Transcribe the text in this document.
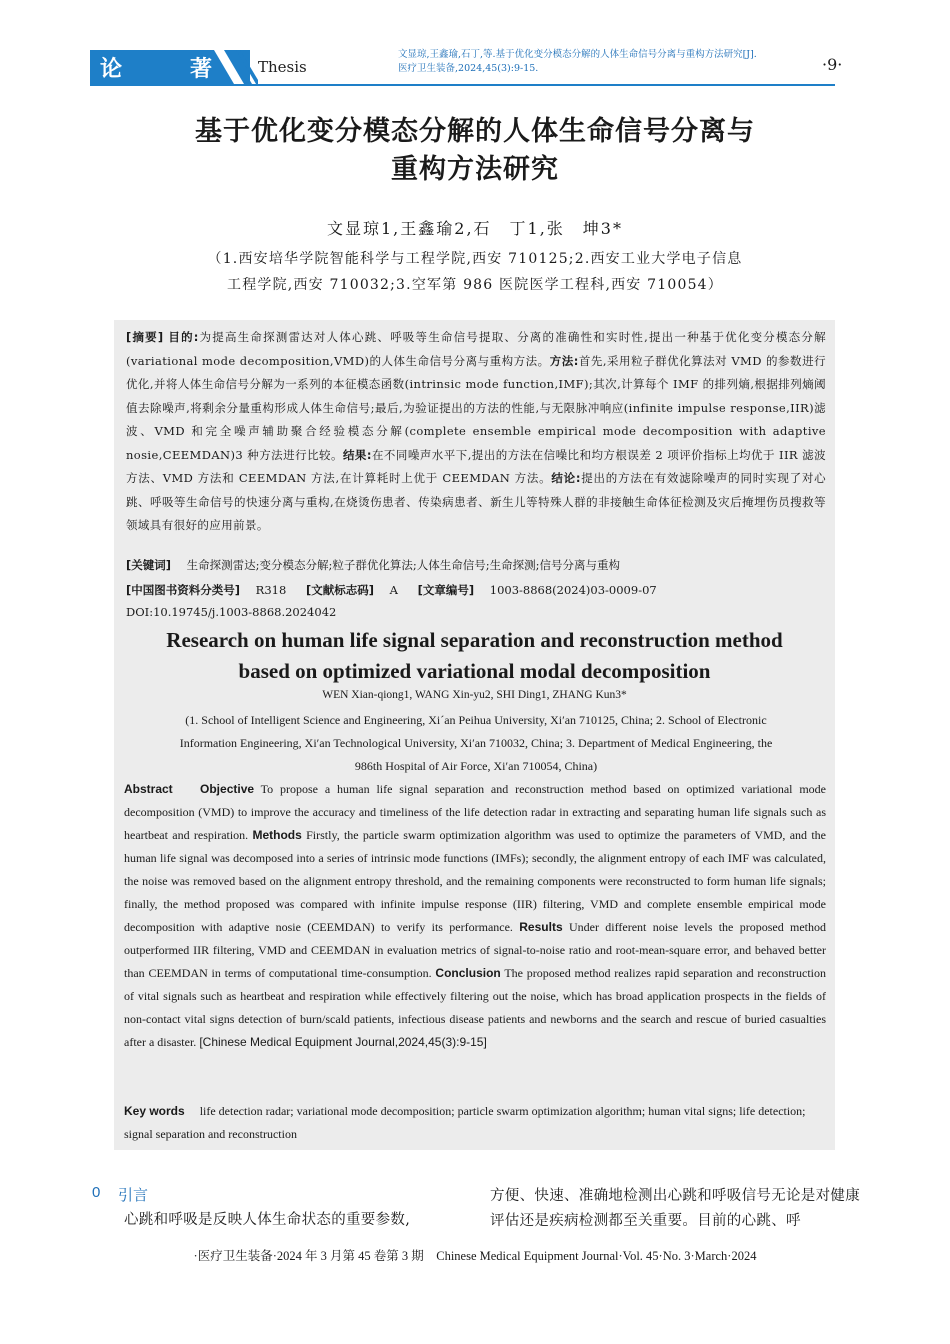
论	著	Thesis
文显琼,王鑫瑜,石丁,等.基于优化变分模态分解的人体生命信号分离与重构方法研究[J].
医疗卫生装备,2024,45(3):9-15.	·9·
基于优化变分模态分解的人体生命信号分离与
重构方法研究
文显琼1,王鑫瑜2,石　丁1,张　坤3*
（1.西安培华学院智能科学与工程学院,西安 710125;2.西安工业大学电子信息
工程学院,西安 710032;3.空军第 986 医院医学工程科,西安 710054）
[摘要] 目的:为提高生命探测雷达对人体心跳、呼吸等生命信号提取、分离的准确性和实时性,提出一种基于优化变分模态分解(variational mode decomposition,VMD)的人体生命信号分离与重构方法。方法:首先,采用粒子群优化算法对 VMD 的参数进行优化,并将人体生命信号分解为一系列的本征模态函数(intrinsic mode function,IMF);其次,计算每个 IMF 的排列熵,根据排列熵阈值去除噪声,将剩余分量重构形成人体生命信号;最后,为验证提出的方法的性能,与无限脉冲响应(infinite impulse response,IIR)滤波、VMD 和完全噪声辅助聚合经验模态分解(complete ensemble empirical mode decomposition with adaptive nosie,CEEMDAN)3 种方法进行比较。结果:在不同噪声水平下,提出的方法在信噪比和均方根误差 2 项评价指标上均优于 IIR 滤波方法、VMD 方法和 CEEMDAN 方法,在计算耗时上优于 CEEMDAN 方法。结论:提出的方法在有效滤除噪声的同时实现了对心跳、呼吸等生命信号的快速分离与重构,在烧烫伤患者、传染病患者、新生儿等特殊人群的非接触生命体征检测及灾后掩埋伤员搜救等领域具有很好的应用前景。
[关键词] 生命探测雷达;变分模态分解;粒子群优化算法;人体生命信号;生命探测;信号分离与重构
[中国图书资料分类号] R318 [文献标志码] A [文章编号] 1003-8868(2024)03-0009-07
DOI:10.19745/j.1003-8868.2024042
Research on human life signal separation and reconstruction method
based on optimized variational modal decomposition
WEN Xian-qiong1, WANG Xin-yu2, SHI Ding1, ZHANG Kun3*
(1. School of Intelligent Science and Engineering, Xi´an Peihua University, Xi′an 710125, China; 2. School of Electronic
Information Engineering, Xi′an Technological University, Xi′an 710032, China; 3. Department of Medical Engineering, the
986th Hospital of Air Force, Xi′an 710054, China)
Abstract Objective To propose a human life signal separation and reconstruction method based on optimized variational mode decomposition (VMD) to improve the accuracy and timeliness of the life detection radar in extracting and separating human life signals such as heartbeat and respiration. Methods Firstly, the particle swarm optimization algorithm was used to optimize the parameters of VMD, and the human life signal was decomposed into a series of intrinsic mode functions (IMFs); secondly, the alignment entropy of each IMF was calculated, the noise was removed based on the alignment entropy threshold, and the remaining components were reconstructed to form human life signals; finally, the method proposed was compared with infinite impulse response (IIR) filtering, VMD and complete ensemble empirical mode decomposition with adaptive nosie (CEEMDAN) to verify its performance. Results Under different noise levels the proposed method outperformed IIR filtering, VMD and CEEMDAN in evaluation metrics of signal-to-noise ratio and root-mean-square error, and behaved better than CEEMDAN in terms of computational time-consumption. Conclusion The proposed method realizes rapid separation and reconstruction of vital signals such as heartbeat and respiration while effectively filtering out the noise, which has broad application prospects in the fields of non-contact vital signs detection of burn/scald patients, infectious disease patients and newborns and the search and rescue of buried casualties after a disaster. [Chinese Medical Equipment Journal,2024,45(3):9-15]
Key words life detection radar; variational mode decomposition; particle swarm optimization algorithm; human vital signs; life detection; signal separation and reconstruction
0 引言
心跳和呼吸是反映人体生命状态的重要参数,
方便、快速、准确地检测出心跳和呼吸信号无论是对健康评估还是疾病检测都至关重要。目前的心跳、呼
·医疗卫生装备·2024 年 3 月第 45 卷第 3 期　Chinese Medical Equipment Journal·Vol. 45·No. 3·March·2024
